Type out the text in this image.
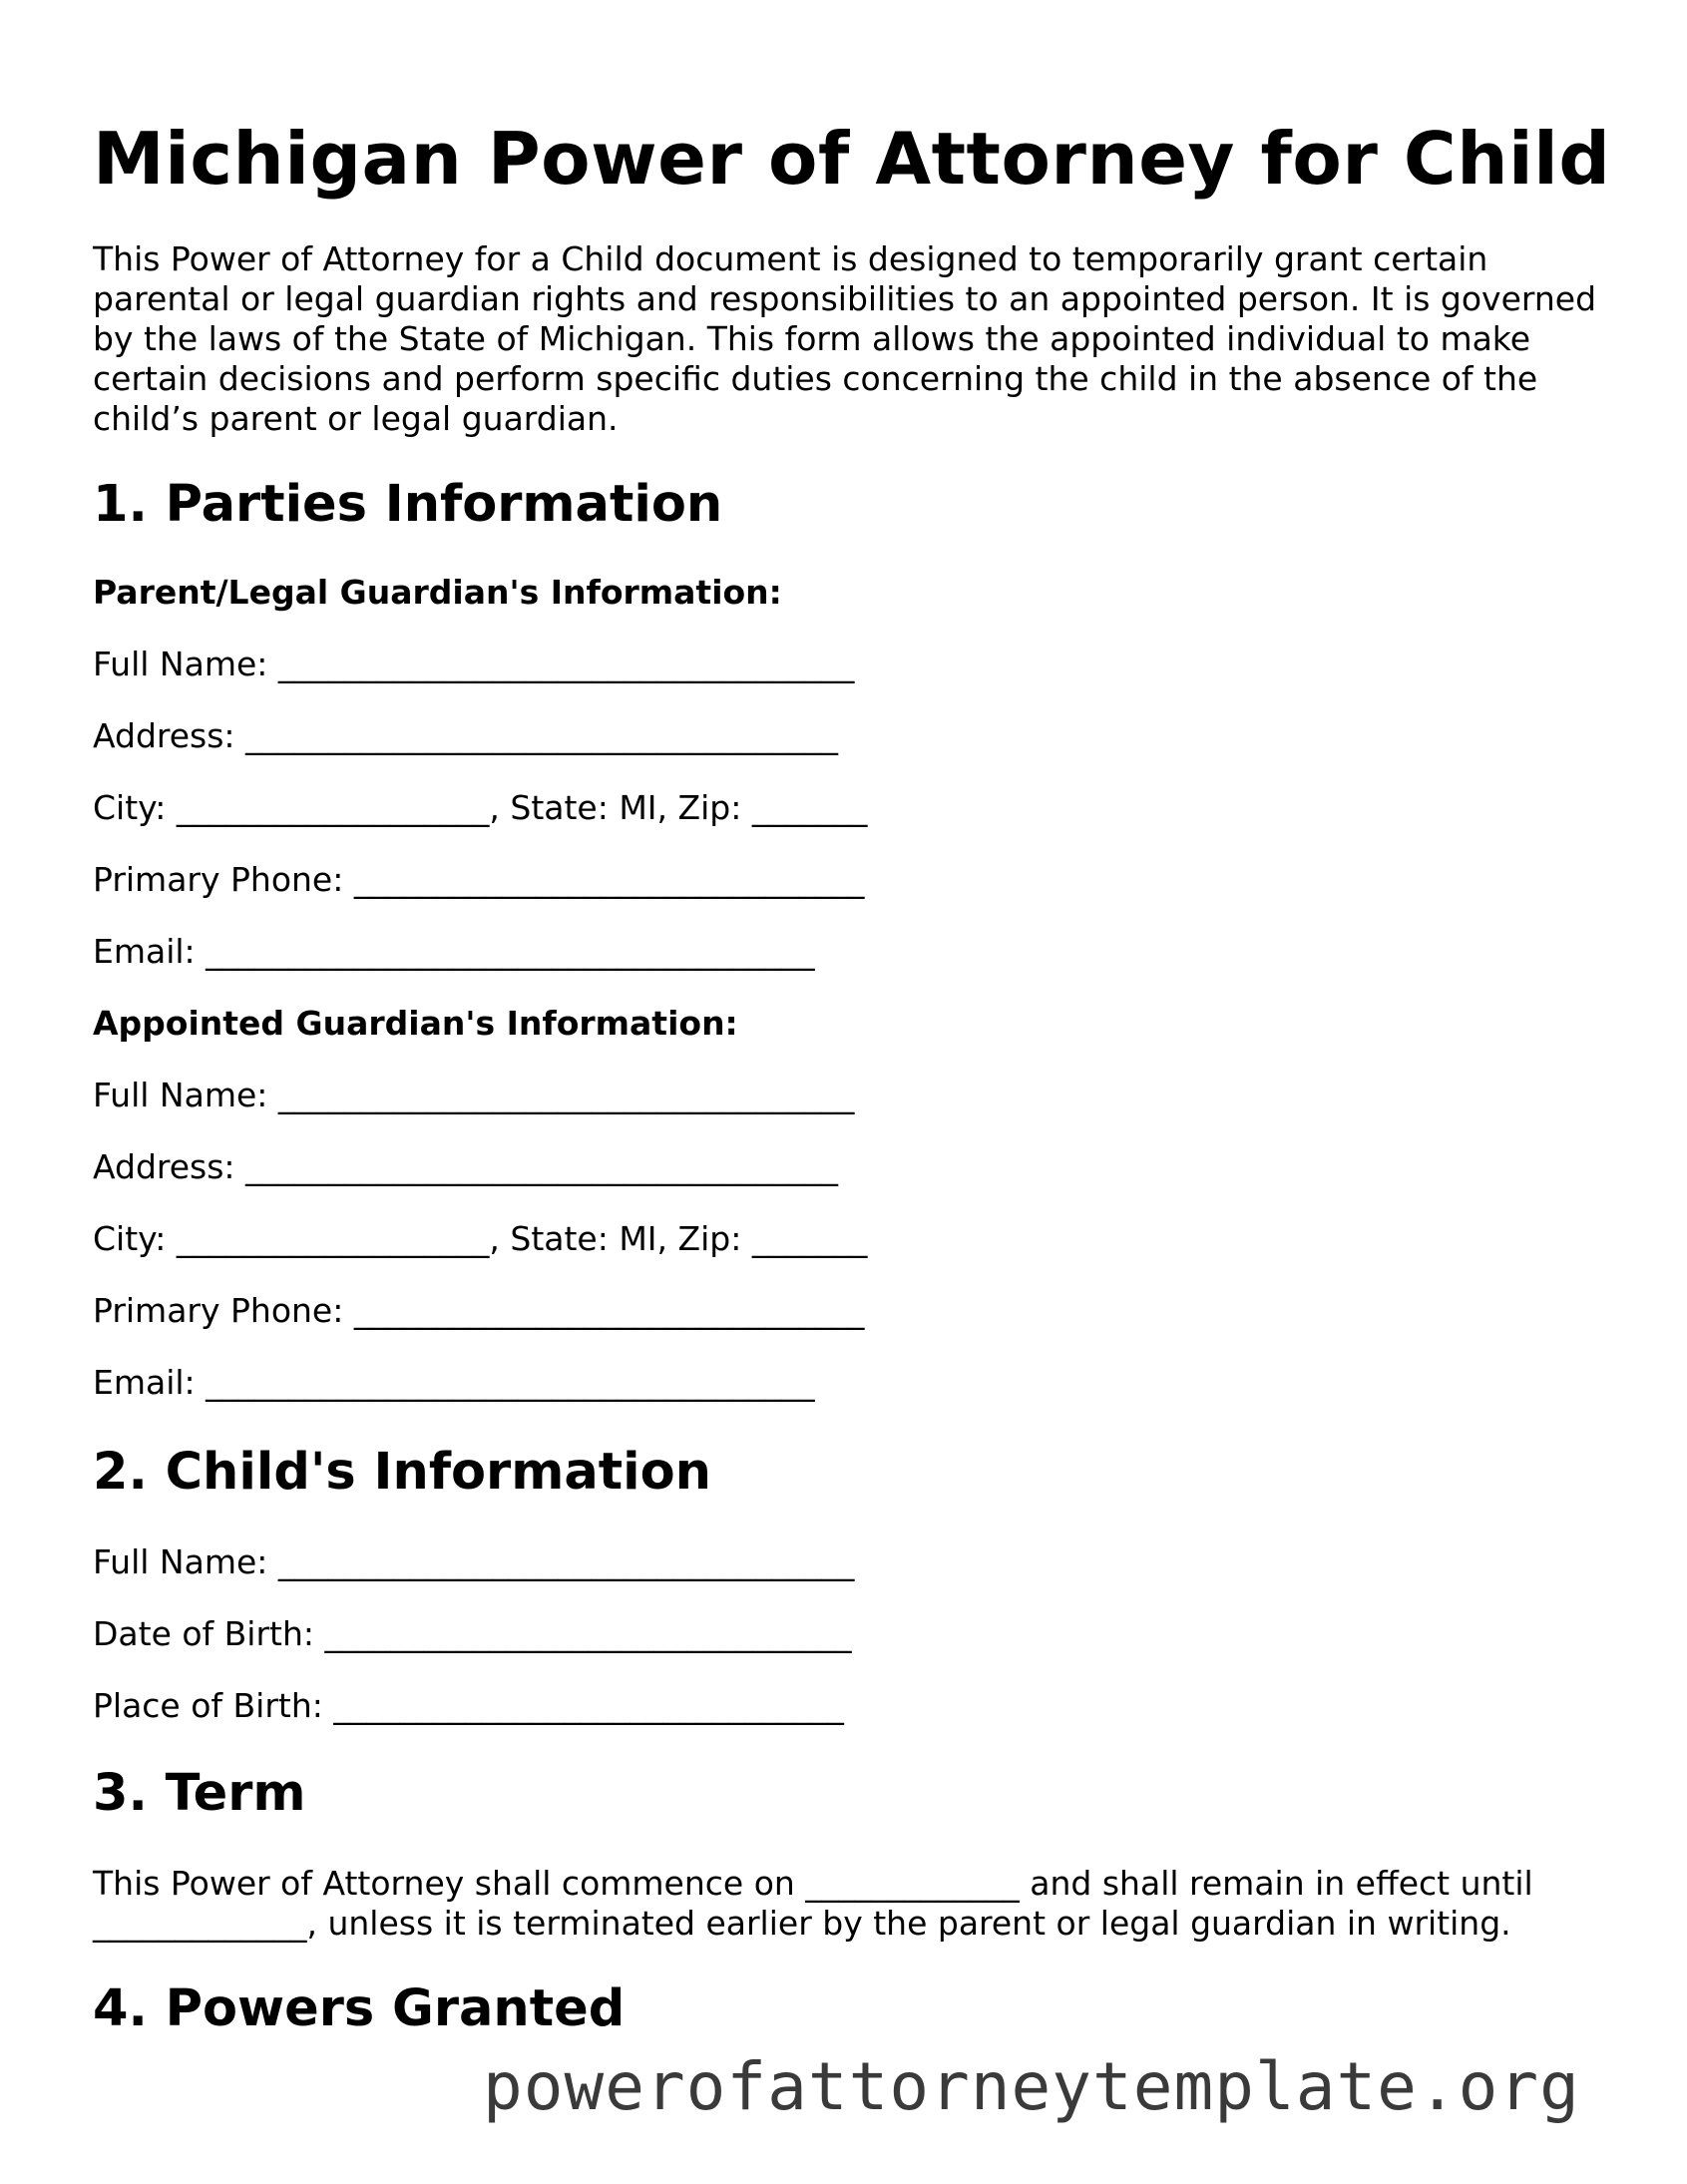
Michigan Power of Attorney for Child

This Power of Attorney for a Child document is designed to temporarily grant certain parental or legal guardian rights and responsibilities to an appointed person. It is governed by the laws of the State of Michigan. This form allows the appointed individual to make certain decisions and perform specific duties concerning the child in the absence of the child’s parent or legal guardian.

1. Parties Information
Parent/Legal Guardian's Information:

Full Name: ___________________________________

Address: ____________________________________

City: ___________________, State: MI, Zip: _______

Primary Phone: _______________________________

Email: _____________________________________

Appointed Guardian's Information:

Full Name: ___________________________________

Address: ____________________________________

City: ___________________, State: MI, Zip: _______

Primary Phone: _______________________________

Email: _____________________________________

2. Child's Information

Full Name: ___________________________________

Date of Birth: ________________________________

Place of Birth: _______________________________

3. Term

This Power of Attorney shall commence on _____________ and shall remain in effect until _____________, unless it is terminated earlier by the parent or legal guardian in writing.

4. Powers Granted
powerofattorneytemplate.org
